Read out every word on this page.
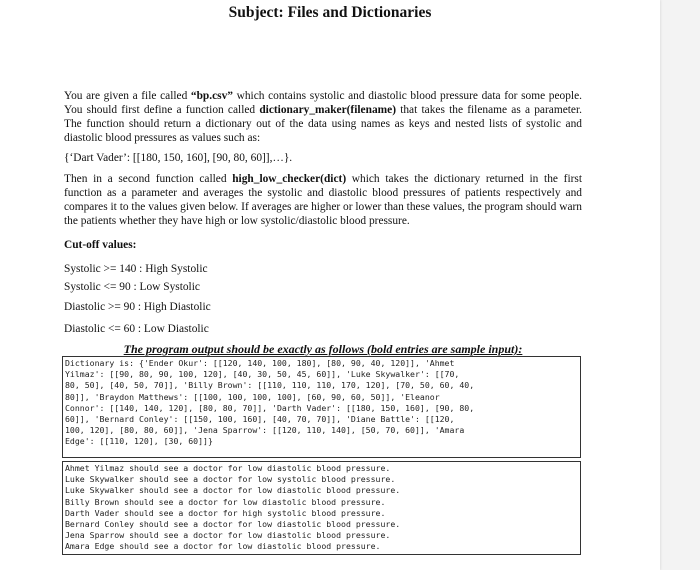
Subject: Files and Dictionaries
You are given a file called “bp.csv” which contains systolic and diastolic blood pressure data for some people. You should first define a function called dictionary_maker(filename) that takes the filename as a parameter. The function should return a dictionary out of the data using names as keys and nested lists of systolic and diastolic blood pressures as values such as:
{‘Dart Vader’: [[180, 150, 160], [90, 80, 60]],…}.
Then in a second function called high_low_checker(dict) which takes the dictionary returned in the first function as a parameter and averages the systolic and diastolic blood pressures of patients respectively and compares it to the values given below. If averages are higher or lower than these values, the program should warn the patients whether they have high or low systolic/diastolic blood pressure.
Cut-off values:
Systolic >= 140 : High Systolic
Systolic <= 90 : Low Systolic
Diastolic >= 90 : High Diastolic
Diastolic <= 60 : Low Diastolic
The program output should be exactly as follows (bold entries are sample input):
Dictionary is: {'Ender Okur': [[120, 140, 100, 180], [80, 90, 40, 120]], 'Ahmet
Yilmaz': [[90, 80, 90, 100, 120], [40, 30, 50, 45, 60]], 'Luke Skywalker': [[70,
80, 50], [40, 50, 70]], 'Billy Brown': [[110, 110, 110, 170, 120], [70, 50, 60, 40,
80]], 'Braydon Matthews': [[100, 100, 100, 100], [60, 90, 60, 50]], 'Eleanor
Connor': [[140, 140, 120], [80, 80, 70]], 'Darth Vader': [[180, 150, 160], [90, 80,
60]], 'Bernard Conley': [[150, 100, 160], [40, 70, 70]], 'Diane Battle': [[120,
100, 120], [80, 80, 60]], 'Jena Sparrow': [[120, 110, 140], [50, 70, 60]], 'Amara
Edge': [[110, 120], [30, 60]]}
Ahmet Yilmaz should see a doctor for low diastolic blood pressure.
Luke Skywalker should see a doctor for low systolic blood pressure.
Luke Skywalker should see a doctor for low diastolic blood pressure.
Billy Brown should see a doctor for low diastolic blood pressure.
Darth Vader should see a doctor for high systolic blood pressure.
Bernard Conley should see a doctor for low diastolic blood pressure.
Jena Sparrow should see a doctor for low diastolic blood pressure.
Amara Edge should see a doctor for low diastolic blood pressure.
